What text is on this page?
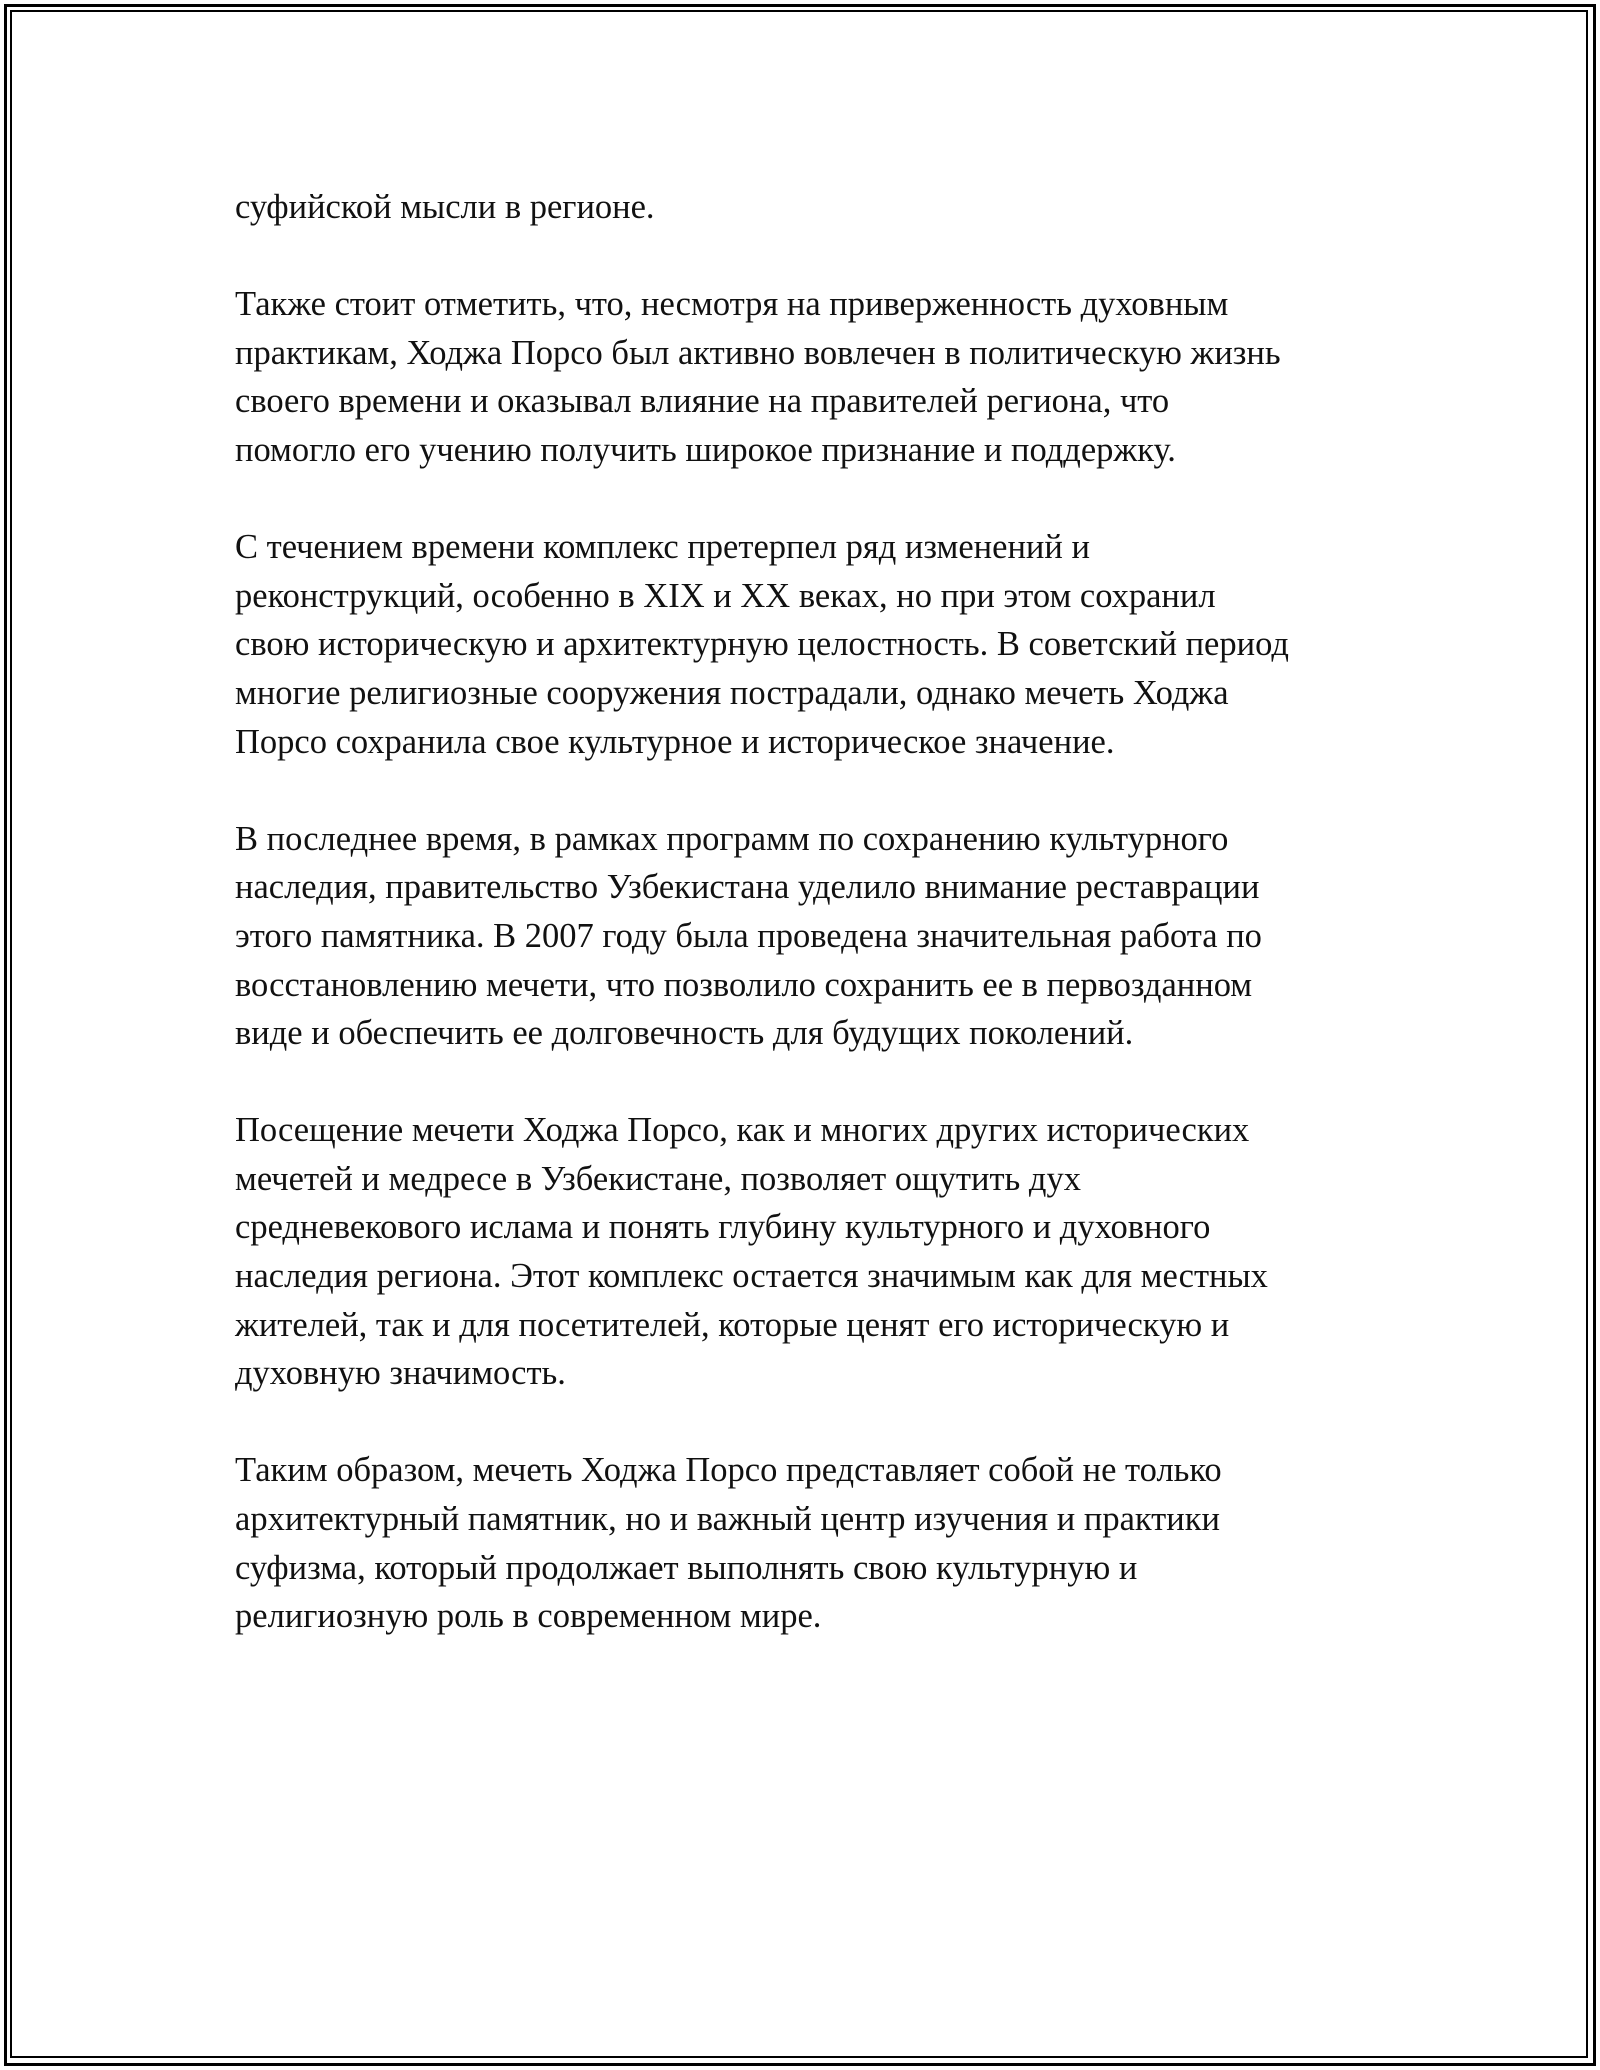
суфийской мысли в регионе.

Также стоит отметить, что, несмотря на приверженность духовным
практикам, Ходжа Порсо был активно вовлечен в политическую жизнь
своего времени и оказывал влияние на правителей региона, что
помогло его учению получить широкое признание и поддержку.

С течением времени комплекс претерпел ряд изменений и
реконструкций, особенно в XIX и XX веках, но при этом сохранил
свою историческую и архитектурную целостность. В советский период
многие религиозные сооружения пострадали, однако мечеть Ходжа
Порсо сохранила свое культурное и историческое значение.

В последнее время, в рамках программ по сохранению культурного
наследия, правительство Узбекистана уделило внимание реставрации
этого памятника. В 2007 году была проведена значительная работа по
восстановлению мечети, что позволило сохранить ее в первозданном
виде и обеспечить ее долговечность для будущих поколений.

Посещение мечети Ходжа Порсо, как и многих других исторических
мечетей и медресе в Узбекистане, позволяет ощутить дух
средневекового ислама и понять глубину культурного и духовного
наследия региона. Этот комплекс остается значимым как для местных
жителей, так и для посетителей, которые ценят его историческую и
духовную значимость.

Таким образом, мечеть Ходжа Порсо представляет собой не только
архитектурный памятник, но и важный центр изучения и практики
суфизма, который продолжает выполнять свою культурную и
религиозную роль в современном мире.
